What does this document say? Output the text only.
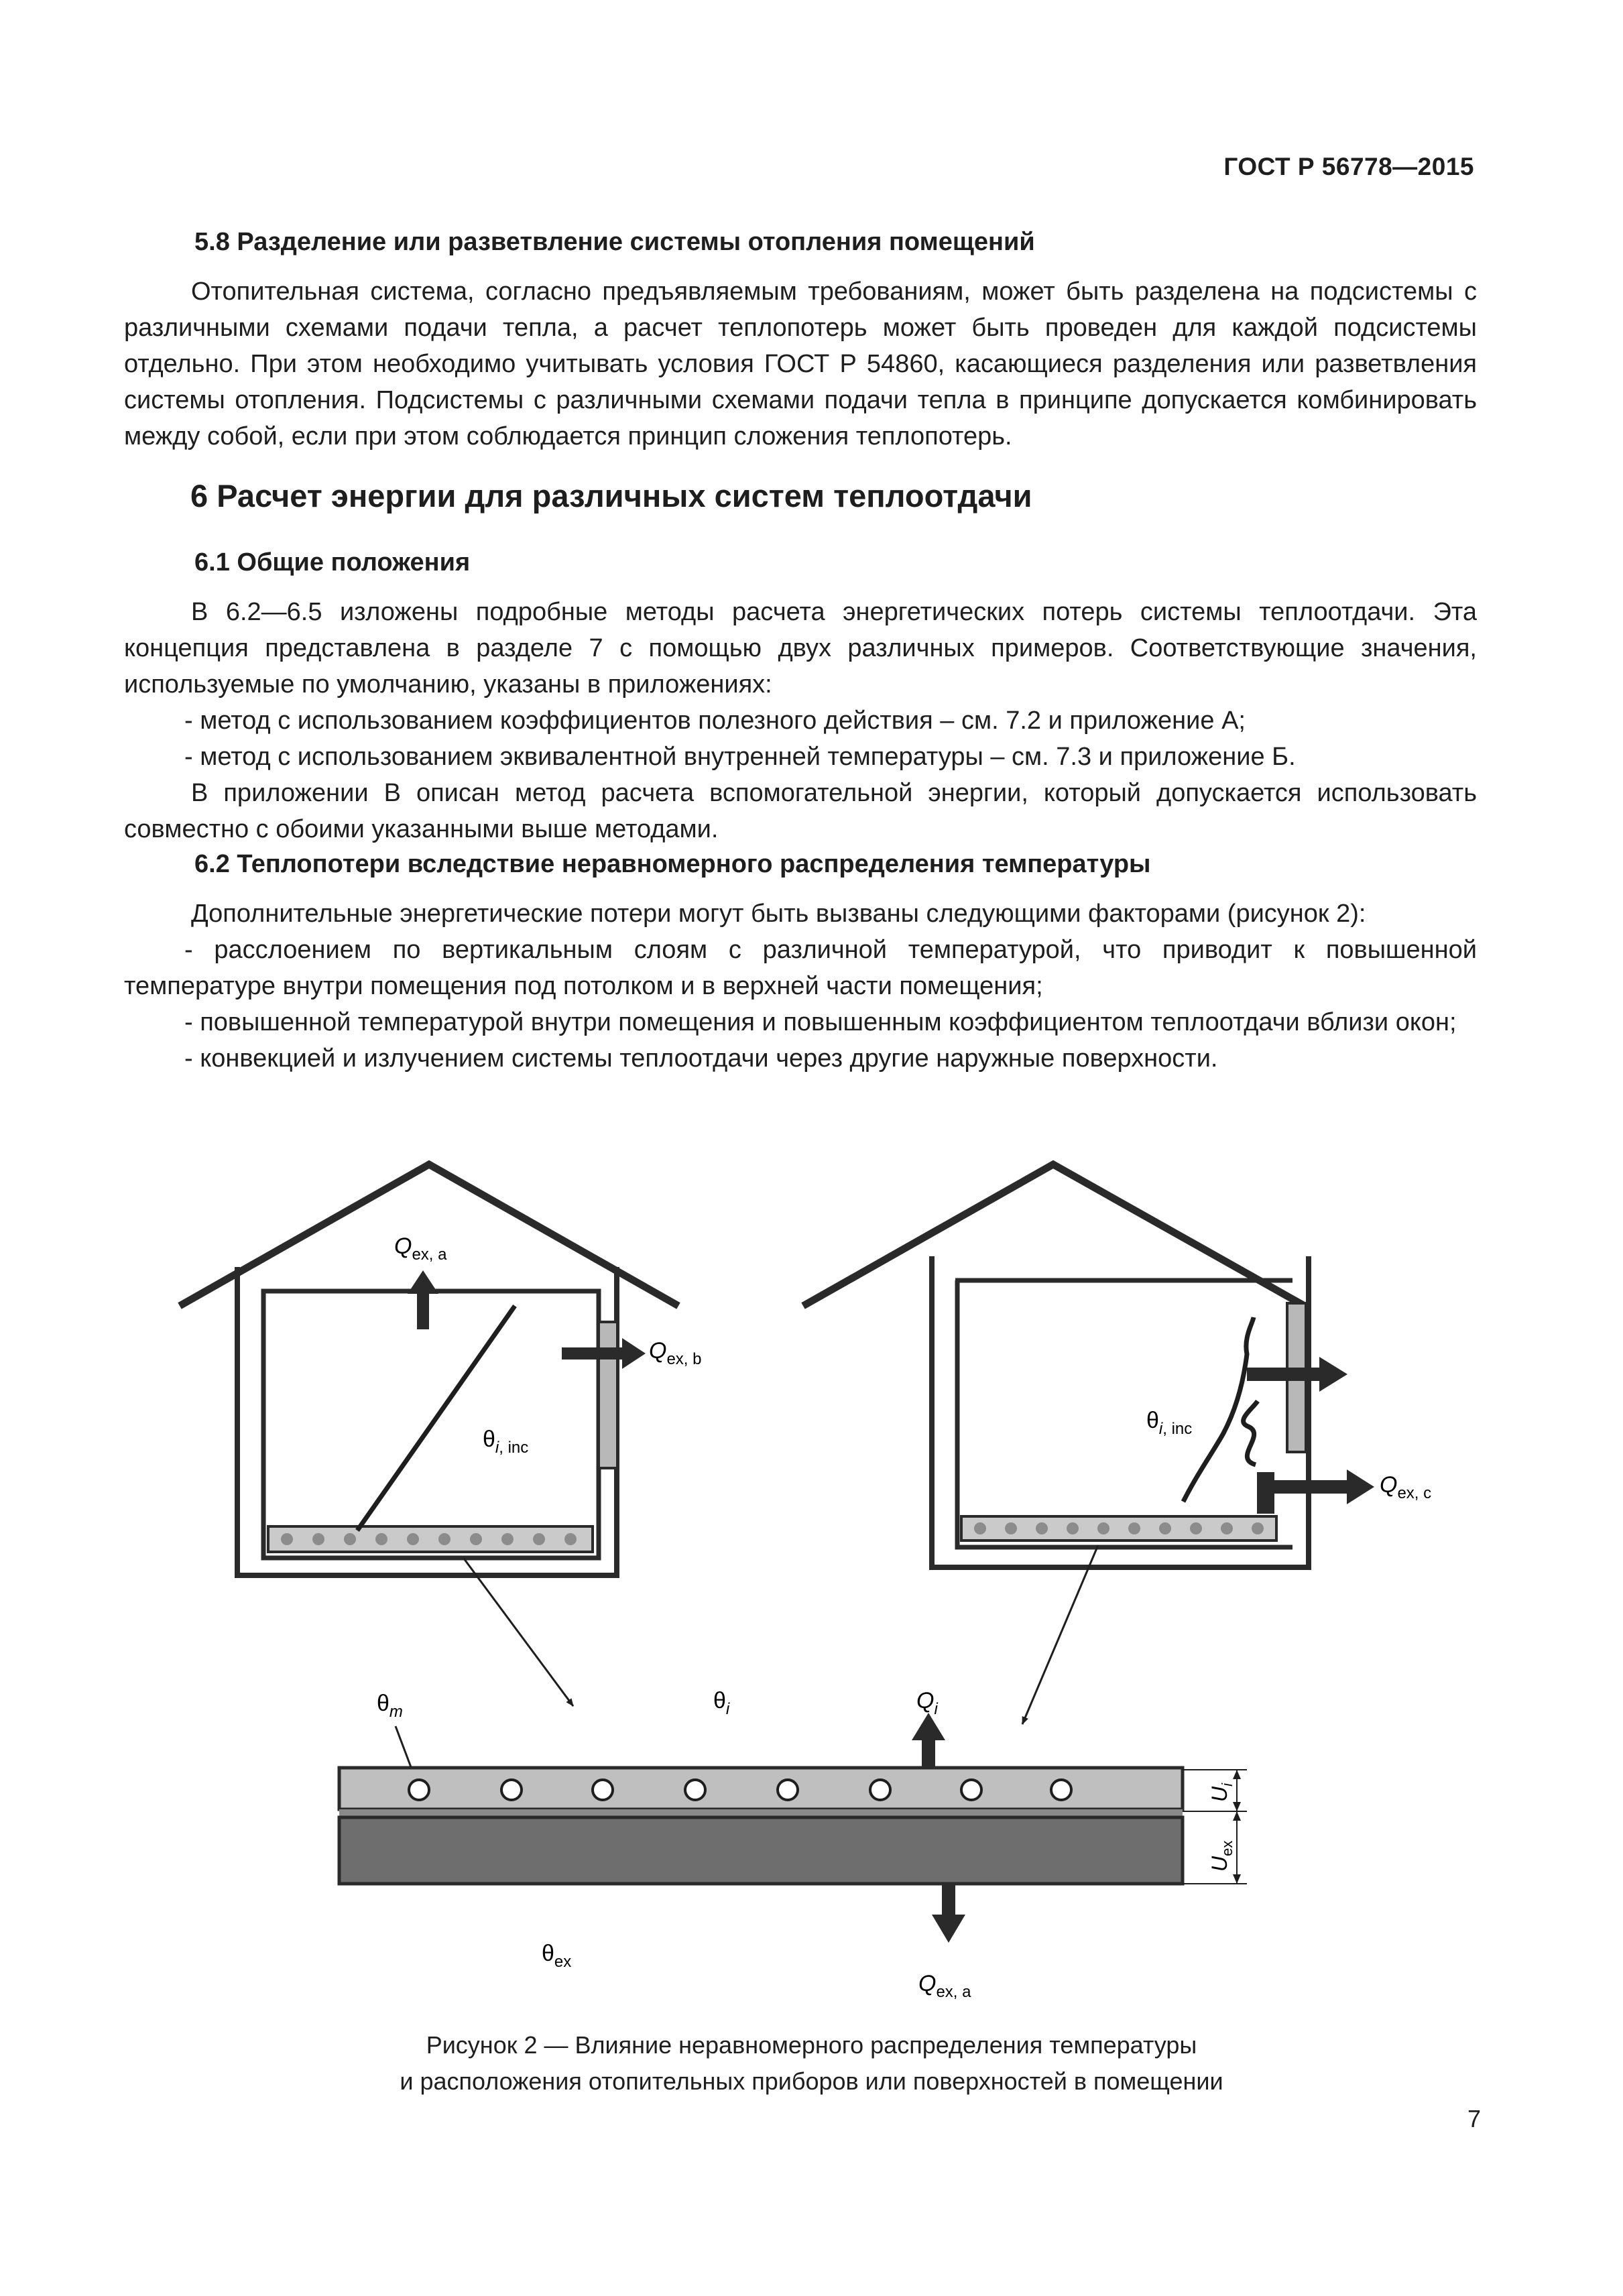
ГОСТ Р 56778—2015
5.8 Разделение или разветвление системы отопления помещений

Отопительная система, согласно предъявляемым требованиям, может быть разделена на подсистемы с различными схемами подачи тепла, а расчет теплопотерь может быть проведен для каждой подсистемы отдельно. При этом необходимо учитывать условия ГОСТ Р 54860, касающиеся разделения или разветвления системы отопления. Подсистемы с различными схемами подачи тепла в принципе допускается комбинировать между собой, если при этом соблюдается принцип сложения теплопотерь.

6 Расчет энергии для различных систем теплоотдачи
6.1 Общие положения

В 6.2—6.5 изложены подробные методы расчета энергетических потерь системы теплоотдачи. Эта концепция представлена в разделе 7 с помощью двух различных примеров. Соответствующие значения, используемые по умолчанию, указаны в приложениях:

- метод с использованием коэффициентов полезного действия – см. 7.2 и приложение А;

- метод с использованием эквивалентной внутренней температуры – см. 7.3 и приложение Б.

В приложении В описан метод расчета вспомогательной энергии, который допускается использовать совместно с обоими указанными выше методами.

6.2 Теплопотери вследствие неравномерного распределения температуры

Дополнительные энергетические потери могут быть вызваны следующими факторами (рисунок 2):

- расслоением по вертикальным слоям с различной температурой, что приводит к повышенной температуре внутри помещения под потолком и в верхней части помещения;

- повышенной температурой внутри помещения и повышенным коэффициентом теплоотдачи вблизи окон;

- конвекцией и излучением системы теплоотдачи через другие наружные поверхности.

$Q_{ex, a}$
$Q_{ex, b}$
$\theta_i$, inc
$Q_{ex, c}$
$\theta_i$, inc
$U_i$
$U_{ex}$
$\theta_m$	$\theta_i$	$Q_i$
$Q_{ex, a}$
$\theta_{ex}$
Рисунок 2 — Влияние неравномерного распределения температуры
и расположения отопительных приборов или поверхностей в помещении
7
